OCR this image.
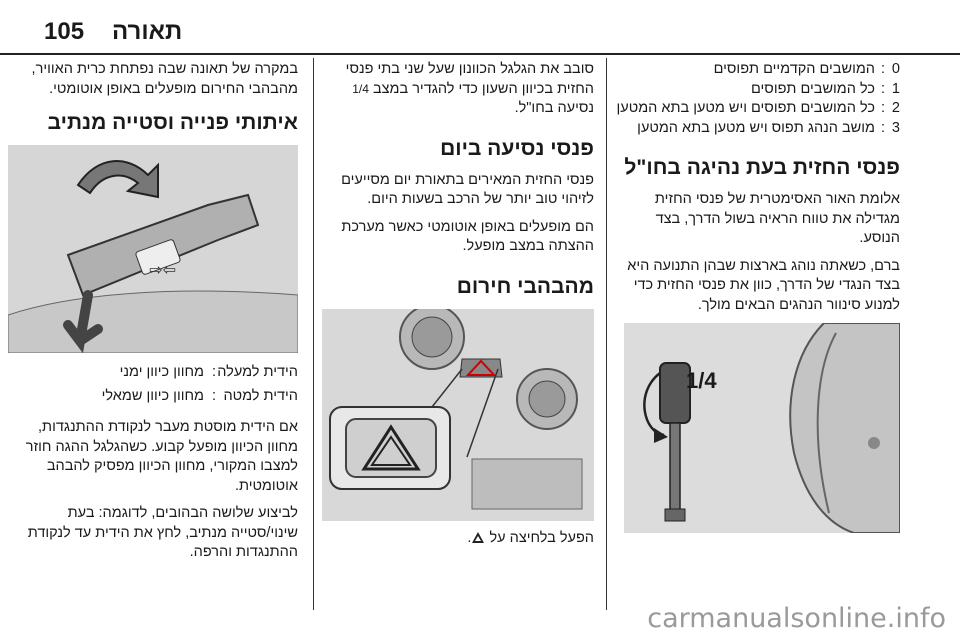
105 תאורה
0
:
המושבים הקדמיים תפוסים
1
:
כל המושבים תפוסים
2
:
כל המושבים תפוסים ויש מטען בתא המטען
3
:
מושב הנהג תפוס ויש מטען בתא המטען
פנסי החזית בעת נהיגה בחו"ל

אלומת האור האסימטרית של פנסי החזית מגדילה את טווח הראיה בשול הדרך, בצד הנוסע.

ברם, כשאתה נוהג בארצות שבהן התנועה היא בצד הנגדי של הדרך, כוון את פנסי החזית כדי למנוע סינוור הנהגים הבאים מולך.

1/4

סובב את הגלגל הכוונון שעל שני בתי פנסי החזית בכיוון השעון כדי להגדיר במצב 1/4 נסיעה בחו"ל.

פנסי נסיעה ביום

פנסי החזית המאירים בתאורת יום מסייעים לזיהוי טוב יותר של הרכב בשעות היום.

הם מופעלים באופן אוטומטי כאשר מערכת ההצתה במצב מופעל.

מהבהבי חירום

הפעל בלחיצה על .

במקרה של תאונה שבה נפתחת כרית האוויר, מהבהבי החירום מופעלים באופן אוטומטי.

איתותי פנייה וסטייה מנתיב
⇦⇨
הידית למעלה
:
מחוון כיוון ימני
הידית למטה
:
מחוון כיוון שמאלי

אם הידית מוסטת מעבר לנקודת ההתנגדות, מחוון הכיוון מופעל קבוע. כשהגלגל ההגה חוזר למצבו המקורי, מחוון הכיוון מפסיק להבהב אוטומטית.

לביצוע שלושה הבהובים, לדוגמה: בעת שינוי/סטייה מנתיב, לחץ את הידית עד לנקודת ההתנגדות והרפה.

carmanualsonline.info
